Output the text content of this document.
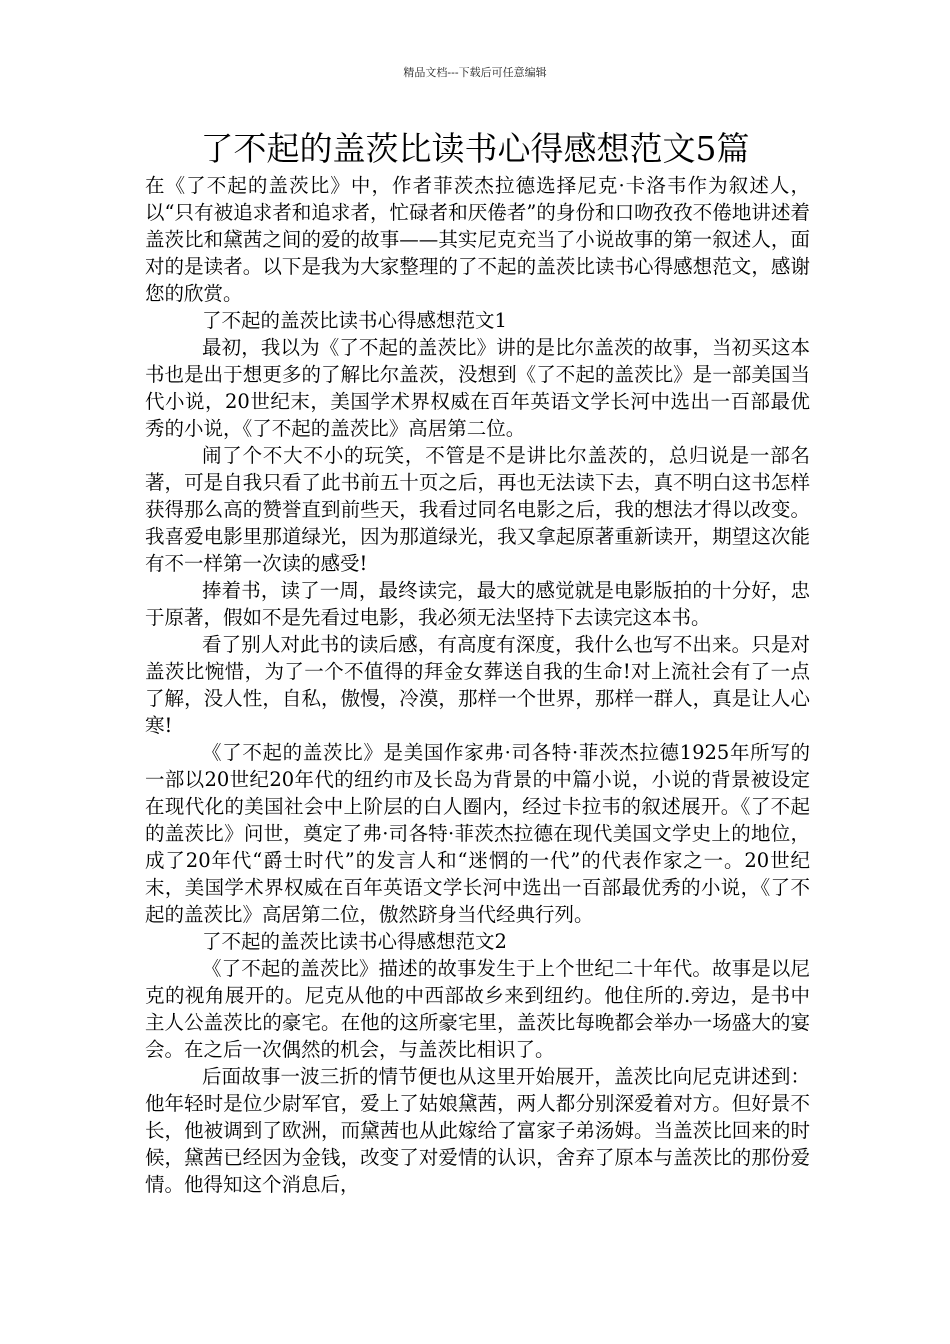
精品文档---下载后可任意编辑
了不起的盖茨比读书心得感想范文5篇

在《了不起的盖茨比》中，作者菲茨杰拉德选择尼克·卡洛韦作为叙述人，以“只有被追求者和追求者，忙碌者和厌倦者”的身份和口吻孜孜不倦地讲述着盖茨比和黛茜之间的爱的故事——其实尼克充当了小说故事的第一叙述人，面对的是读者。以下是我为大家整理的了不起的盖茨比读书心得感想范文，感谢您的欣赏。

了不起的盖茨比读书心得感想范文1

最初，我以为《了不起的盖茨比》讲的是比尔盖茨的故事，当初买这本书也是出于想更多的了解比尔盖茨，没想到《了不起的盖茨比》是一部美国当代小说，20世纪末，美国学术界权威在百年英语文学长河中选出一百部最优秀的小说，《了不起的盖茨比》高居第二位。

闹了个不大不小的玩笑，不管是不是讲比尔盖茨的，总归说是一部名著，可是自我只看了此书前五十页之后，再也无法读下去，真不明白这书怎样获得那么高的赞誉直到前些天，我看过同名电影之后，我的想法才得以改变。我喜爱电影里那道绿光，因为那道绿光，我又拿起原著重新读开，期望这次能有不一样第一次读的感受!

捧着书，读了一周，最终读完，最大的感觉就是电影版拍的十分好，忠于原著，假如不是先看过电影，我必须无法坚持下去读完这本书。

看了别人对此书的读后感，有高度有深度，我什么也写不出来。只是对盖茨比惋惜，为了一个不值得的拜金女葬送自我的生命!对上流社会有了一点了解，没人性，自私，傲慢，冷漠，那样一个世界，那样一群人，真是让人心寒!

《了不起的盖茨比》是美国作家弗·司各特·菲茨杰拉德1925年所写的一部以20世纪20年代的纽约市及长岛为背景的中篇小说，小说的背景被设定在现代化的美国社会中上阶层的白人圈内，经过卡拉韦的叙述展开。《了不起的盖茨比》问世，奠定了弗·司各特·菲茨杰拉德在现代美国文学史上的地位，成了20年代“爵士时代”的发言人和“迷惘的一代”的代表作家之一。20世纪末，美国学术界权威在百年英语文学长河中选出一百部最优秀的小说，《了不起的盖茨比》高居第二位，傲然跻身当代经典行列。

了不起的盖茨比读书心得感想范文2

《了不起的盖茨比》描述的故事发生于上个世纪二十年代。故事是以尼克的视角展开的。尼克从他的中西部故乡来到纽约。他住所的.旁边，是书中主人公盖茨比的豪宅。在他的这所豪宅里，盖茨比每晚都会举办一场盛大的宴会。在之后一次偶然的机会，与盖茨比相识了。

后面故事一波三折的情节便也从这里开始展开，盖茨比向尼克讲述到：他年轻时是位少尉军官，爱上了姑娘黛茜，两人都分别深爱着对方。但好景不长，他被调到了欧洲，而黛茜也从此嫁给了富家子弟汤姆。当盖茨比回来的时候，黛茜已经因为金钱，改变了对爱情的认识，舍弃了原本与盖茨比的那份爱情。他得知这个消息后，
